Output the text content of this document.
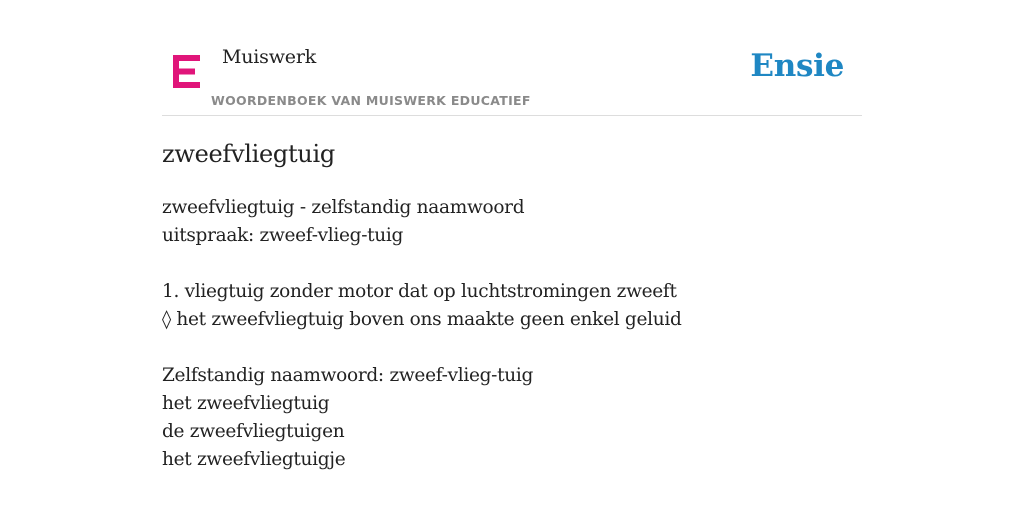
Muiswerk
WOORDENBOEK VAN MUISWERK EDUCATIEF
Ensie
zweefvliegtuig
zweefvliegtuig - zelfstandig naamwoord
uitspraak: zweef-vlieg-tuig
1. vliegtuig zonder motor dat op luchtstromingen zweeft
◊ het zweefvliegtuig boven ons maakte geen enkel geluid
Zelfstandig naamwoord: zweef-vlieg-tuig
het zweefvliegtuig
de zweefvliegtuigen
het zweefvliegtuigje
